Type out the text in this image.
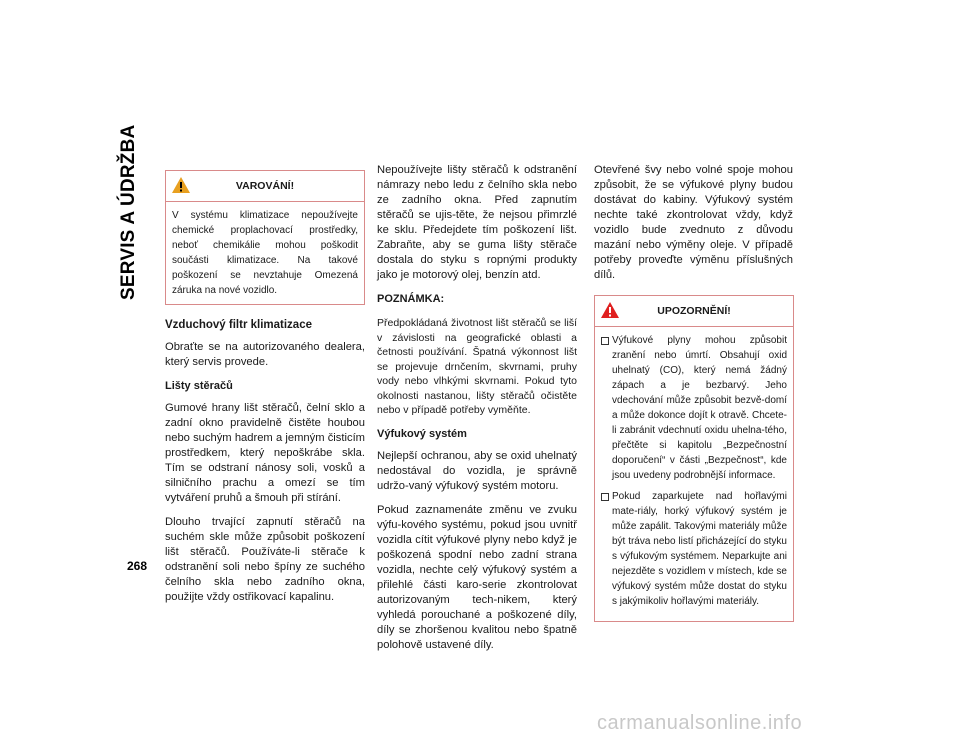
SERVIS A ÚDRŽBA
268
VAROVÁNÍ!
V systému klimatizace nepoužívejte chemické proplachovací prostředky, neboť chemikálie mohou poškodit součásti klimatizace. Na takové poškození se nevztahuje Omezená záruka na nové vozidlo.
Vzduchový filtr klimatizace

Obraťte se na autorizovaného dealera, který servis provede.

Lišty stěračů

Gumové hrany lišt stěračů, čelní sklo a zadní okno pravidelně čistěte houbou nebo suchým hadrem a jemným čisticím prostředkem, který nepoškrábe skla. Tím se odstraní nánosy soli, vosků a silničního prachu a omezí se tím vytváření pruhů a šmouh při stírání.

Dlouho trvající zapnutí stěračů na suchém skle může způsobit poškození lišt stěračů. Používáte-li stěrače k odstranění soli nebo špíny ze suchého čelního skla nebo zadního okna, použijte vždy ostřikovací kapalinu.

Nepoužívejte lišty stěračů k odstranění námrazy nebo ledu z čelního skla nebo ze zadního okna. Před zapnutím stěračů se ujis-těte, že nejsou přimrzlé ke sklu. Předejdete tím poškození lišt. Zabraňte, aby se guma lišty stěrače dostala do styku s ropnými produkty jako je motorový olej, benzín atd.

POZNÁMKA:

Předpokládaná životnost lišt stěračů se liší v závislosti na geografické oblasti a četnosti používání. Špatná výkonnost lišt se projevuje drnčením, skvrnami, pruhy vody nebo vlhkými skvrnami. Pokud tyto okolnosti nastanou, lišty stěračů očistěte nebo v případě potřeby vyměňte.

Výfukový systém

Nejlepší ochranou, aby se oxid uhelnatý nedostával do vozidla, je správně udržo-vaný výfukový systém motoru.

Pokud zaznamenáte změnu ve zvuku výfu-kového systému, pokud jsou uvnitř vozidla cítit výfukové plyny nebo když je poškozená spodní nebo zadní strana vozidla, nechte celý výfukový systém a přilehlé části karo-serie zkontrolovat autorizovaným tech-nikem, který vyhledá porouchané a poškozené díly, díly se zhoršenou kvalitou nebo špatně polohově ustavené díly.

Otevřené švy nebo volné spoje mohou způsobit, že se výfukové plyny budou dostávat do kabiny. Výfukový systém nechte také zkontrolovat vždy, když vozidlo bude zvednuto z důvodu mazání nebo výměny oleje. V případě potřeby proveďte výměnu příslušných dílů.

UPOZORNĚNÍ!
Výfukové plyny mohou způsobit zranění nebo úmrtí. Obsahují oxid uhelnatý (CO), který nemá žádný zápach a je bezbarvý. Jeho vdechování může způsobit bezvě-domí a může dokonce dojít k otravě. Chcete-li zabránit vdechnutí oxidu uhelna-tého, přečtěte si kapitolu „Bezpečnostní doporučení“ v části „Bezpečnost“, kde jsou uvedeny podrobnější informace.
Pokud zaparkujete nad hořlavými mate-riály, horký výfukový systém je může zapálit. Takovými materiály může být tráva nebo listí přicházející do styku s výfukovým systémem. Neparkujte ani nejezděte s vozidlem v místech, kde se výfukový systém může dostat do styku s jakýmikoliv hořlavými materiály.
carmanualsonline.info
